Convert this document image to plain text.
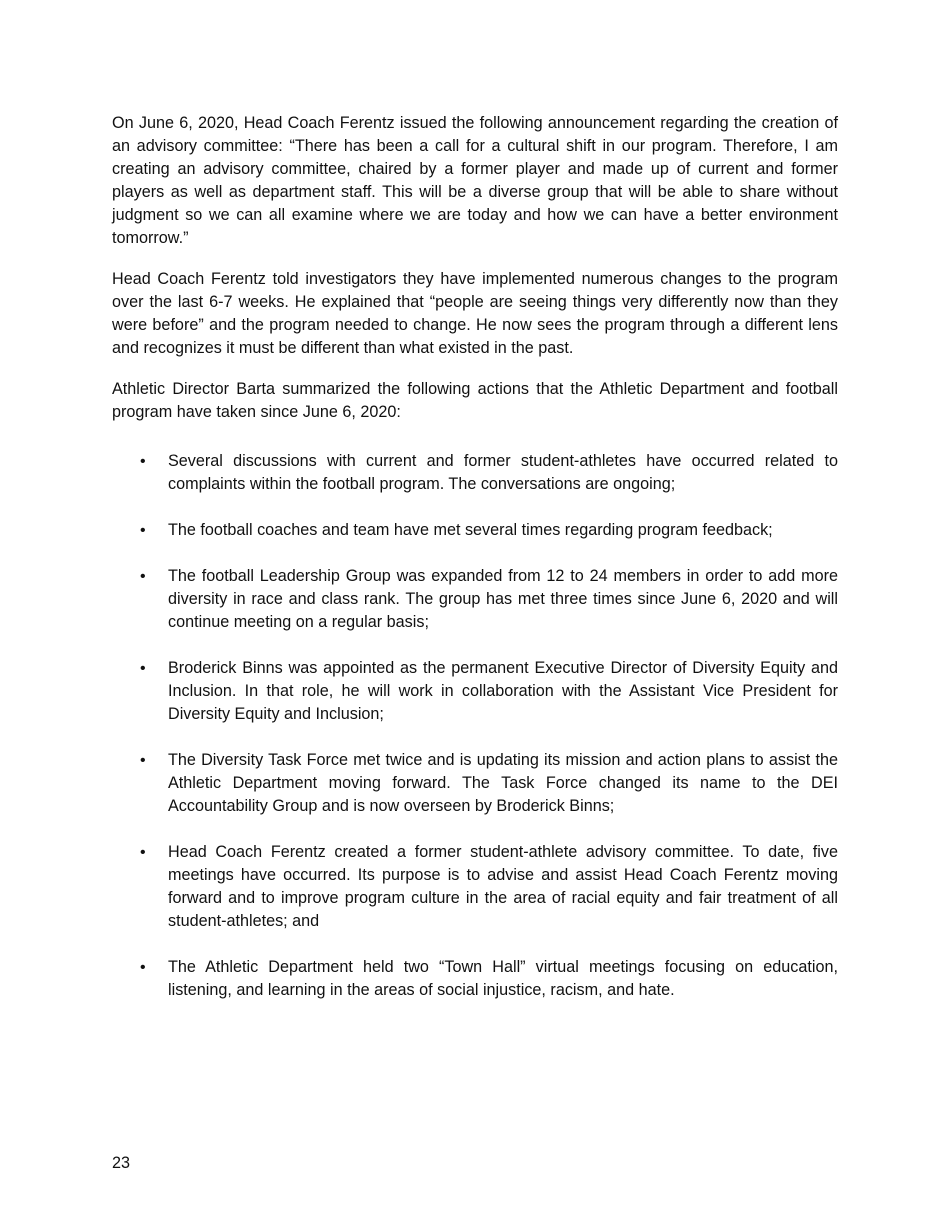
On June 6, 2020, Head Coach Ferentz issued the following announcement regarding the creation of an advisory committee: “There has been a call for a cultural shift in our program. Therefore, I am creating an advisory committee, chaired by a former player and made up of current and former players as well as department staff. This will be a diverse group that will be able to share without judgment so we can all examine where we are today and how we can have a better environment tomorrow.”

Head Coach Ferentz told investigators they have implemented numerous changes to the program over the last 6-7 weeks. He explained that “people are seeing things very differently now than they were before” and the program needed to change. He now sees the program through a different lens and recognizes it must be different than what existed in the past.

Athletic Director Barta summarized the following actions that the Athletic Department and football program have taken since June 6, 2020:

• Several discussions with current and former student-athletes have occurred related to complaints within the football program. The conversations are ongoing;
• The football coaches and team have met several times regarding program feedback;
• The football Leadership Group was expanded from 12 to 24 members in order to add more diversity in race and class rank. The group has met three times since June 6, 2020 and will continue meeting on a regular basis;
• Broderick Binns was appointed as the permanent Executive Director of Diversity Equity and Inclusion. In that role, he will work in collaboration with the Assistant Vice President for Diversity Equity and Inclusion;
• The Diversity Task Force met twice and is updating its mission and action plans to assist the Athletic Department moving forward. The Task Force changed its name to the DEI Accountability Group and is now overseen by Broderick Binns;
• Head Coach Ferentz created a former student-athlete advisory committee. To date, five meetings have occurred. Its purpose is to advise and assist Head Coach Ferentz moving forward and to improve program culture in the area of racial equity and fair treatment of all student-athletes; and
• The Athletic Department held two “Town Hall” virtual meetings focusing on education, listening, and learning in the areas of social injustice, racism, and hate.
23
